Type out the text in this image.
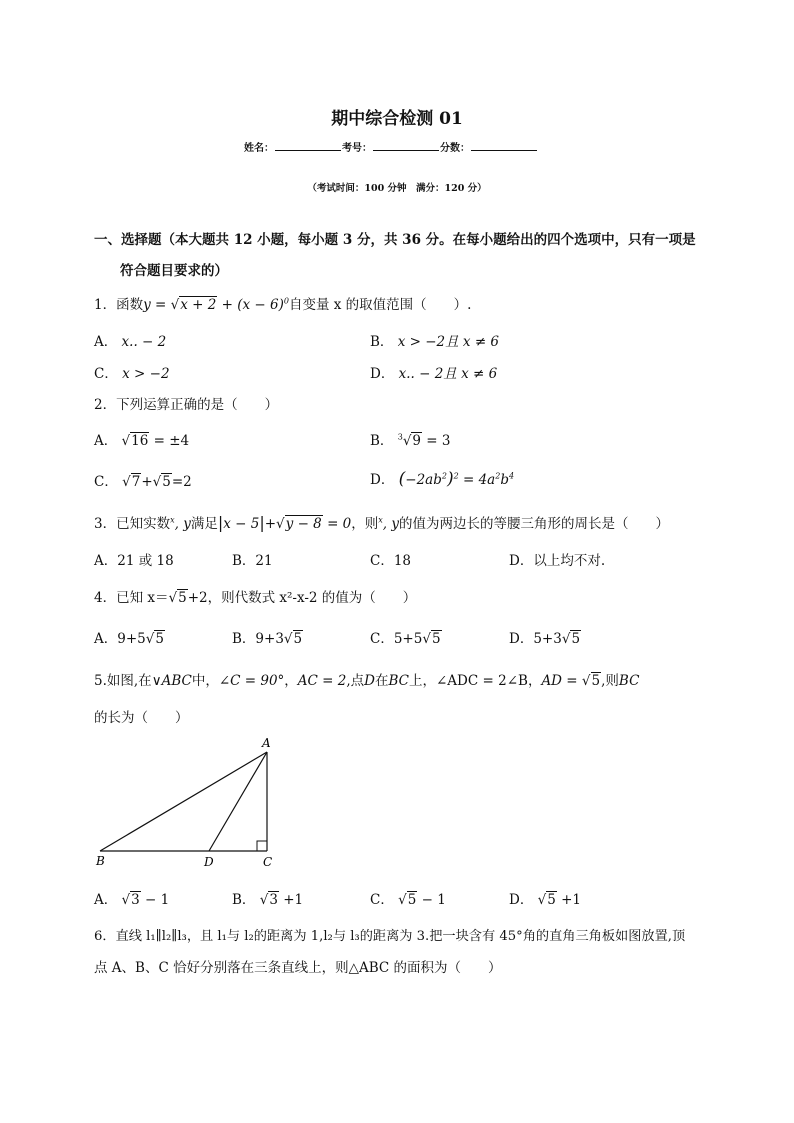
期中综合检测 01
姓名：	考号：	分数：
（考试时间：100 分钟　满分：120 分）
一、选择题（本大题共 12 小题，每小题 3 分，共 36 分。在每小题给出的四个选项中，只有一项是
符合题目要求的）
1．函数$y = √x + 2 + (x - 6)^0$自变量 x 的取值范围（　　）.
A． x.. − 2	B． x > −2且 x ≠ 6
C． x > −2	D． x.. − 2且 x ≠ 6
2．下列运算正确的是（　　）
A． √16 = ±4	B． $^3$√9 = 3
C． √7+√5=2	D． $(-2ab^2)^2 = 4a^2b^4$
3．已知实数$^x$, y满足|x − 5|+√y − 8 = 0，则$^x$, y的值为两边长的等腰三角形的周长是（　　）
A．21 或 18	B．21	C．18	D．以上均不对.
4．已知 x＝√5+2，则代数式 x²-x-2 的值为（　　）
A．9+5√5	B．9+3√5	C．5+5√5	D．5+3√5
5.如图,在∨ABC中，∠C = 90°，AC = 2,点D在BC上，∠ADC = 2∠B，AD = √5,则BC
的长为（　　）
A
B	C
D
A． √3 − 1	B． √3 +1	C． √5 − 1	D． √5 +1
6．直线 l₁∥l₂∥l₃，且 l₁与 l₂的距离为 1,l₂与 l₃的距离为 3.把一块含有 45°角的直角三角板如图放置,顶
点 A、B、C 恰好分别落在三条直线上，则△ABC 的面积为（　　）
